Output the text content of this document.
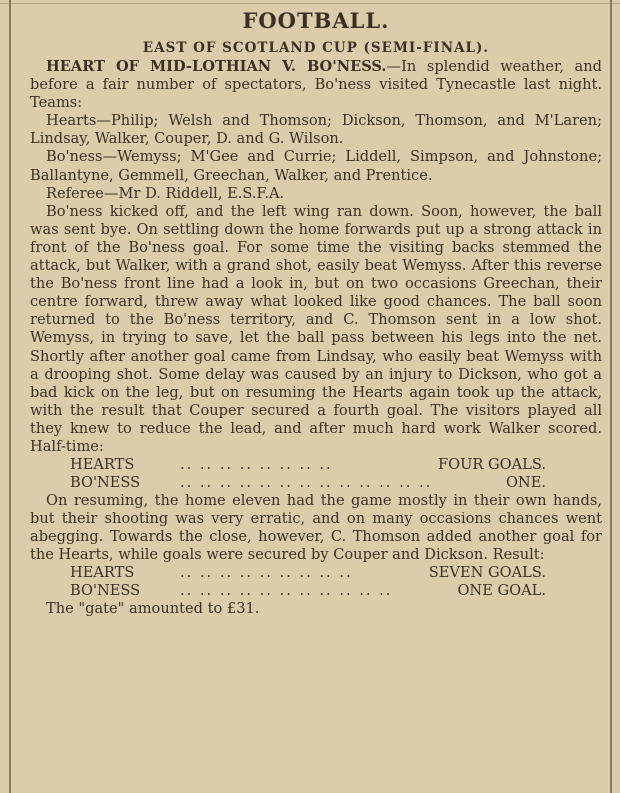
FOOTBALL.
EAST OF SCOTLAND CUP (SEMI-FINAL).

HEART OF MID-LOTHIAN V. BO'NESS.—In splendid weather, and before a fair number of spectators, Bo'ness visited Tynecastle last night. Teams:

Hearts—Philip; Welsh and Thomson; Dickson, Thomson, and M'Laren; Lindsay, Walker, Couper, D. and G. Wilson.

Bo'ness—Wemyss; M'Gee and Currie; Liddell, Simpson, and Johnstone; Ballantyne, Gemmell, Greechan, Walker, and Prentice.

Referee—Mr D. Riddell, E.S.F.A.

Bo'ness kicked off, and the left wing ran down. Soon, however, the ball was sent bye. On settling down the home forwards put up a strong attack in front of the Bo'ness goal. For some time the visiting backs stemmed the attack, but Walker, with a grand shot, easily beat Wemyss. After this reverse the Bo'ness front line had a look in, but on two occasions Greechan, their centre forward, threw away what looked like good chances. The ball soon returned to the Bo'ness territory, and C. Thomson sent in a low shot. Wemyss, in trying to save, let the ball pass between his legs into the net. Shortly after another goal came from Lindsay, who easily beat Wemyss with a drooping shot. Some delay was caused by an injury to Dickson, who got a bad kick on the leg, but on resuming the Hearts again took up the attack, with the result that Couper secured a fourth goal. The visitors played all they knew to reduce the lead, and after much hard work Walker scored. Half-time:

HEARTS	.. .. .. .. .. .. .. ..	FOUR GOALS.
BO'NESS	.. .. .. .. .. .. .. .. .. .. .. .. ..	ONE.

On resuming, the home eleven had the game mostly in their own hands, but their shooting was very erratic, and on many occasions chances went abegging. Towards the close, however, C. Thomson added another goal for the Hearts, while goals were secured by Couper and Dickson. Result:

HEARTS	.. .. .. .. .. .. .. .. ..	SEVEN GOALS.
BO'NESS	.. .. .. .. .. .. .. .. .. .. ..	ONE GOAL.

The "gate" amounted to £31.
